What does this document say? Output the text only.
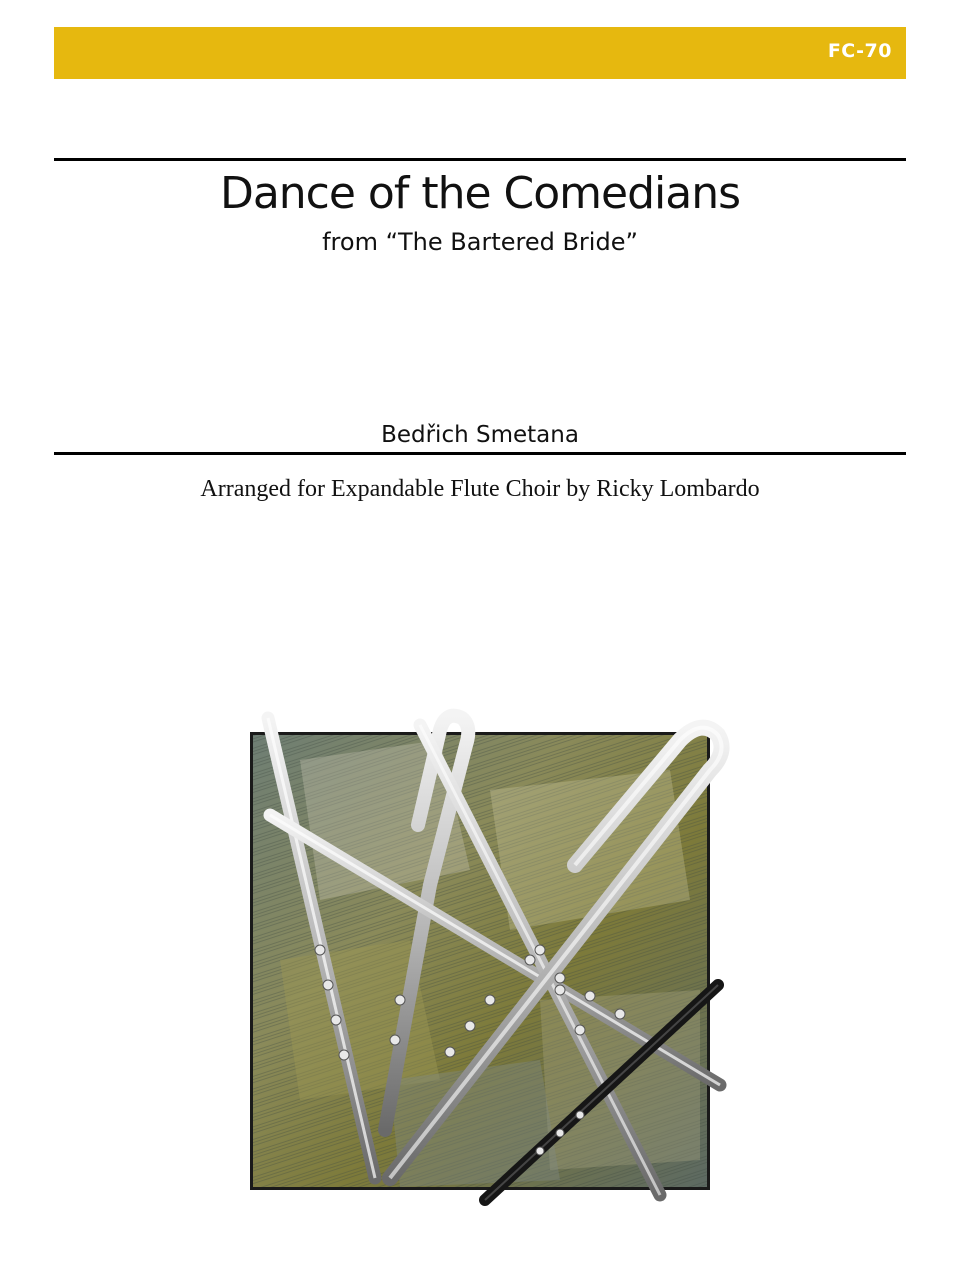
FC-70
Dance of the Comedians
from “The Bartered Bride”
Bedřich Smetana
Arranged for Expandable Flute Choir by Ricky Lombardo
